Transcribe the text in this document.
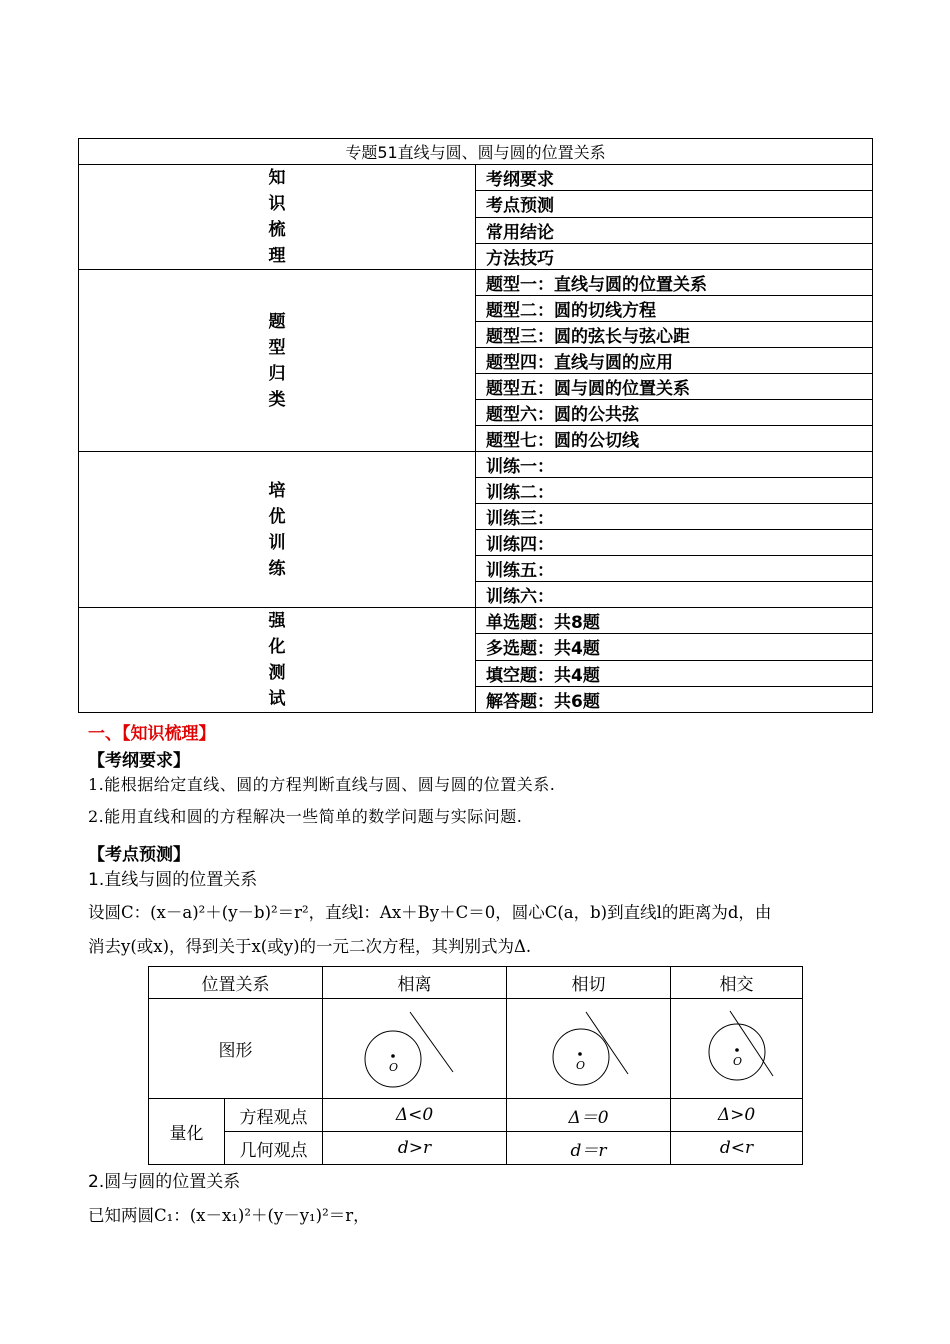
专题51直线与圆、圆与圆的位置关系	
知
识
梳
理	考纲要求
	考点预测
	常用结论
	方法技巧
题
型
归
类	题型一：直线与圆的位置关系
	题型二：圆的切线方程
	题型三：圆的弦长与弦心距
	题型四：直线与圆的应用
	题型五：圆与圆的位置关系
	题型六：圆的公共弦
	题型七：圆的公切线
培
优
训
练	训练一：
	训练二：
	训练三：
	训练四：
	训练五：
	训练六：
强
化
测
试	单选题：共8题
	多选题：共4题
	填空题：共4题
	解答题：共6题
一、【知识梳理】
【考纲要求】
1.能根据给定直线、圆的方程判断直线与圆、圆与圆的位置关系.
2.能用直线和圆的方程解决一些简单的数学问题与实际问题.
【考点预测】
1.直线与圆的位置关系
设圆C：(x－a)²＋(y－b)²＝r²，直线l：Ax＋By＋C＝0，圆心C(a，b)到直线l的距离为d，由
消去y(或x)，得到关于x(或y)的一元二次方程，其判别式为Δ.
位置关系		相离	相切	相交
图形		O	O	O

量化	方程观点	Δ<0	Δ＝0	Δ>0
	几何观点	d>r	d＝r	d<r
2.圆与圆的位置关系
已知两圆C₁：(x－x₁)²＋(y－y₁)²＝r，
